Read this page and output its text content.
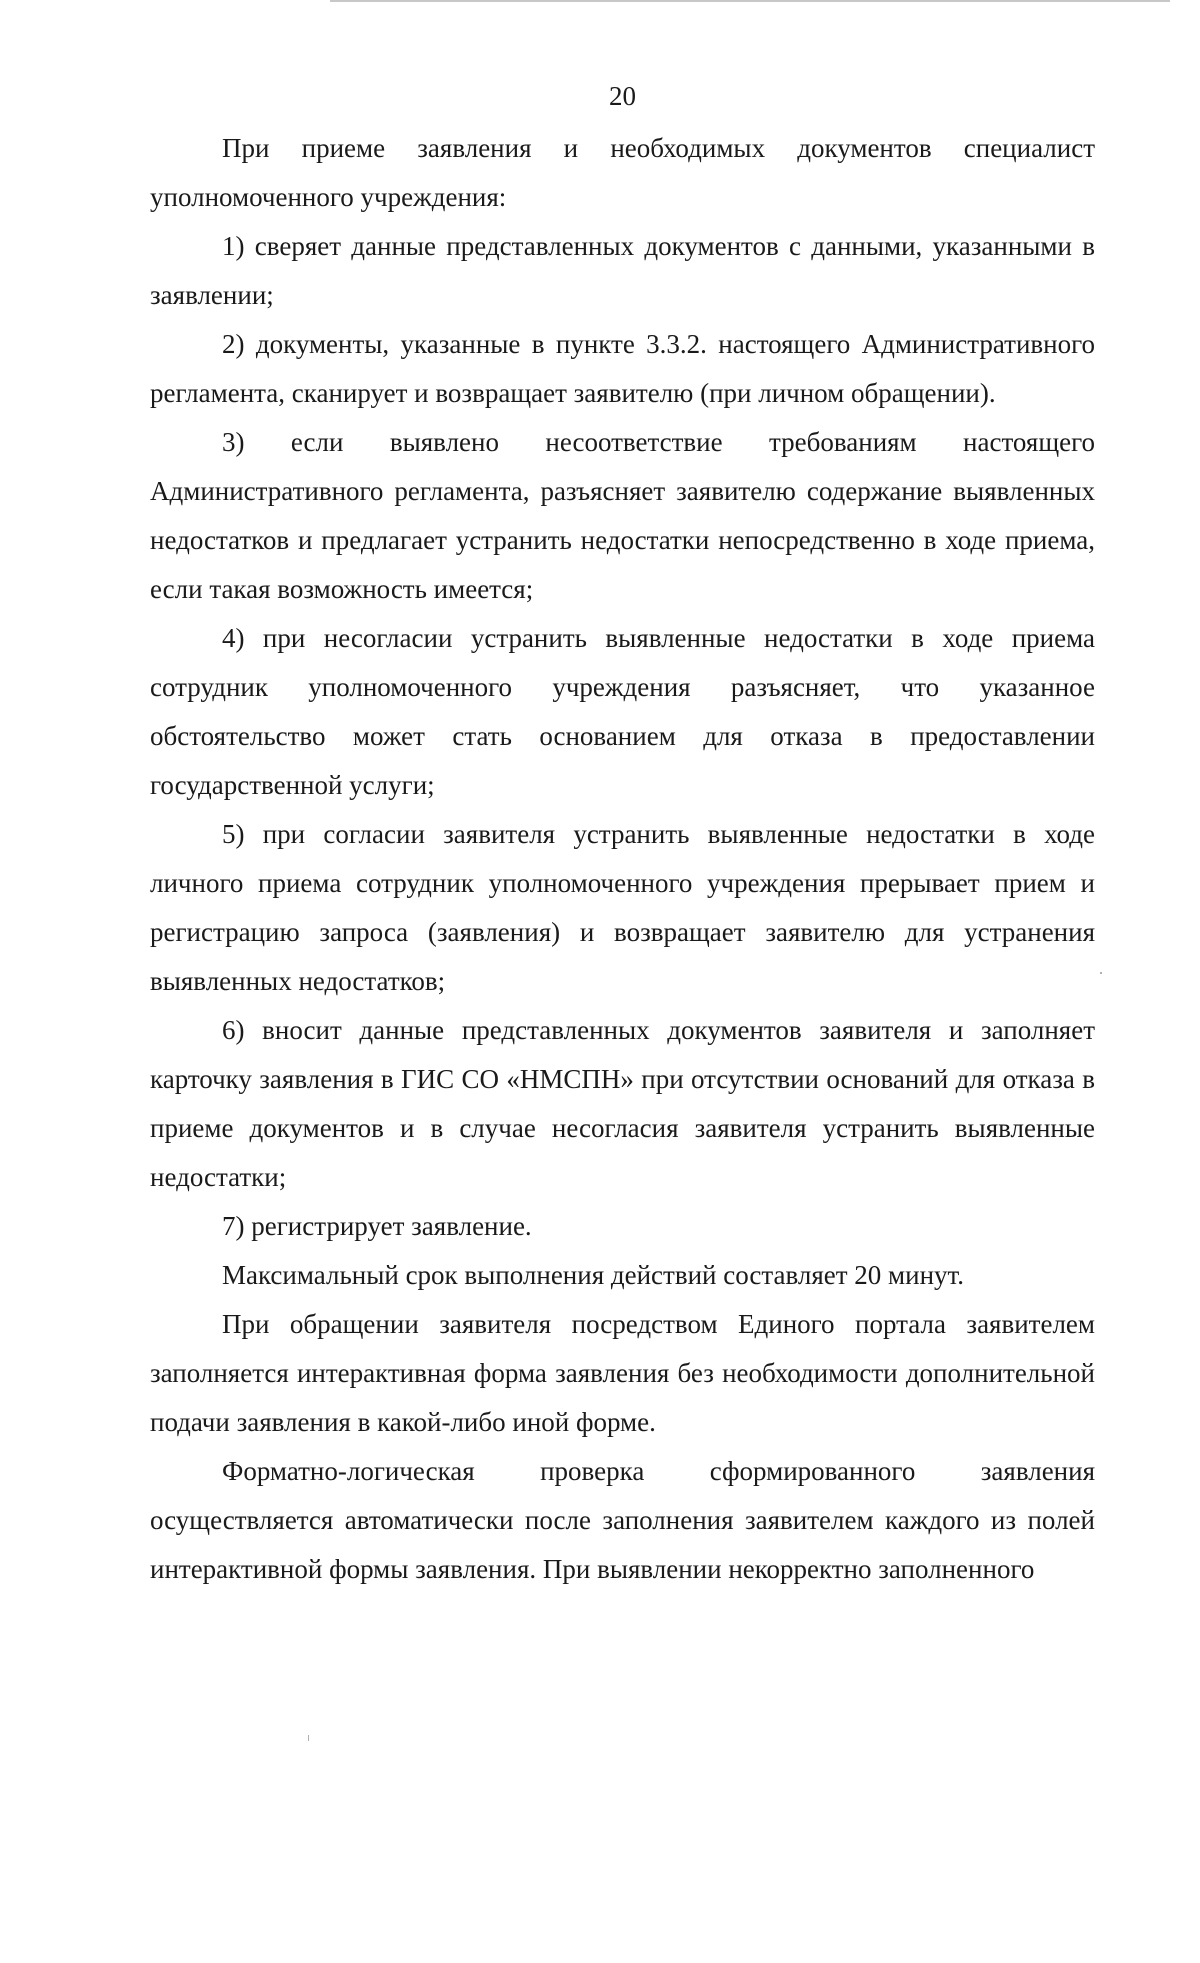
20

При приеме заявления и необходимых документов специалист уполномоченного учреждения:

1) сверяет данные представленных документов с данными, указанными в заявлении;

2) документы, указанные в пункте 3.3.2. настоящего Административного регламента, сканирует и возвращает заявителю (при личном обращении).

3) если выявлено несоответствие требованиям настоящего Административного регламента, разъясняет заявителю содержание выявленных недостатков и предлагает устранить недостатки непосредственно в ходе приема, если такая возможность имеется;

4) при несогласии устранить выявленные недостатки в ходе приема сотрудник уполномоченного учреждения разъясняет, что указанное обстоятельство может стать основанием для отказа в предоставлении государственной услуги;

5) при согласии заявителя устранить выявленные недостатки в ходе личного приема сотрудник уполномоченного учреждения прерывает прием и регистрацию запроса (заявления) и возвращает заявителю для устранения выявленных недостатков;

6) вносит данные представленных документов заявителя и заполняет карточку заявления в ГИС СО «НМСПН» при отсутствии оснований для отказа в приеме документов и в случае несогласия заявителя устранить выявленные недостатки;

7) регистрирует заявление.

Максимальный срок выполнения действий составляет 20 минут.

При обращении заявителя посредством Единого портала заявителем заполняется интерактивная форма заявления без необходимости дополнительной подачи заявления в какой-либо иной форме.

Форматно-логическая проверка сформированного заявления осуществляется автоматически после заполнения заявителем каждого из полей интерактивной формы заявления. При выявлении некорректно заполненного
